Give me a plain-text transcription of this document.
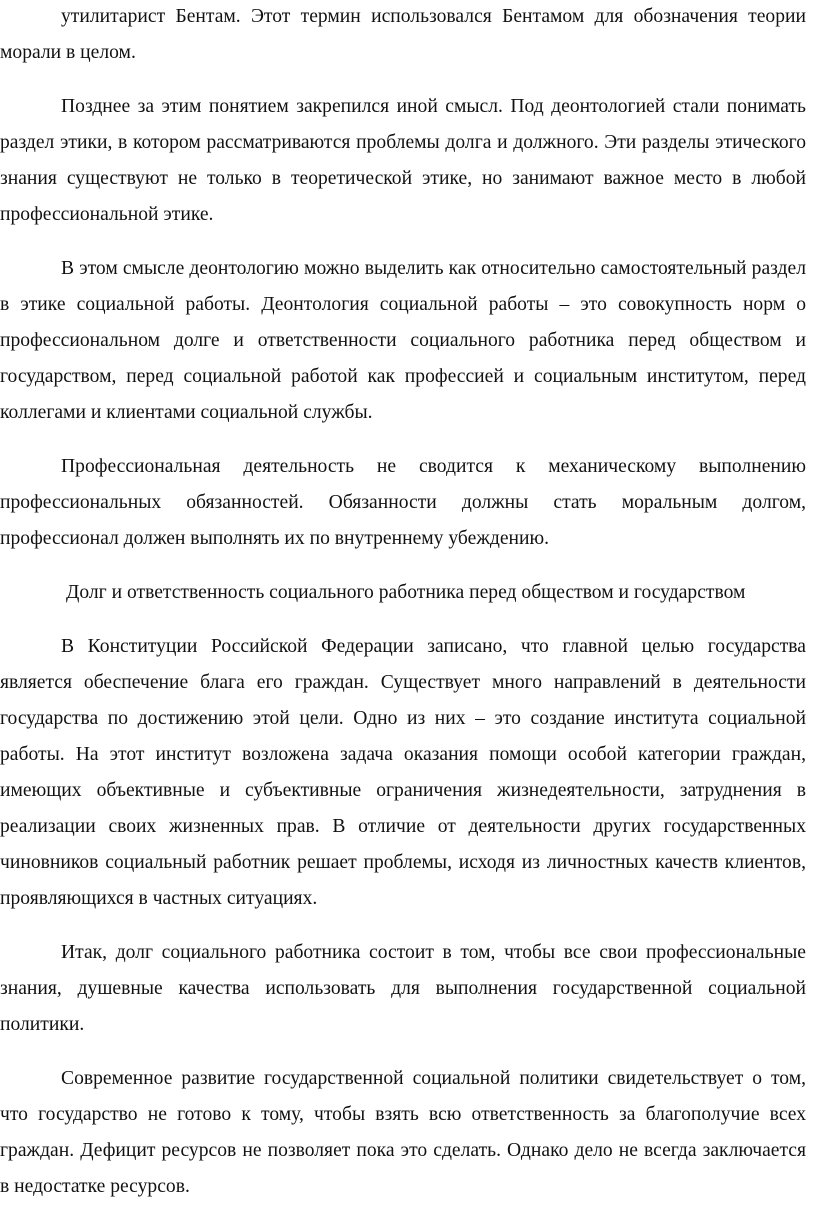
утилитарист Бентам. Этот термин использовался Бентамом для обозначения теории морали в целом.

Позднее за этим понятием закрепился иной смысл. Под деонтологией стали понимать раздел этики, в котором рассматриваются проблемы долга и должного. Эти разделы этического знания существуют не только в теоретической этике, но занимают важное место в любой профессиональной этике.

В этом смысле деонтологию можно выделить как относительно самостоятельный раздел в этике социальной работы. Деонтология социальной работы – это совокупность норм о профессиональном долге и ответственности социального работника перед обществом и государством, перед социальной работой как профессией и социальным институтом, перед коллегами и клиентами социальной службы.

Профессиональная деятельность не сводится к механическому выполнению профессиональных обязанностей. Обязанности должны стать моральным долгом, профессионал должен выполнять их по внутреннему убеждению.

Долг и ответственность социального работника перед обществом и государством

В Конституции Российской Федерации записано, что главной целью государства является обеспечение блага его граждан. Существует много направлений в деятельности государства по достижению этой цели. Одно из них – это создание института социальной работы. На этот институт возложена задача оказания помощи особой категории граждан, имеющих объективные и субъективные ограничения жизнедеятельности, затруднения в реализации своих жизненных прав. В отличие от деятельности других государственных чиновников социальный работник решает проблемы, исходя из личностных качеств клиентов, проявляющихся в частных ситуациях.

Итак, долг социального работника состоит в том, чтобы все свои профессиональные знания, душевные качества использовать для выполнения государственной социальной политики.

Современное развитие государственной социальной политики свидетельствует о том, что государство не готово к тому, чтобы взять всю ответственность за благополучие всех граждан. Дефицит ресурсов не позволяет пока это сделать. Однако дело не всегда заключается в недостатке ресурсов.
